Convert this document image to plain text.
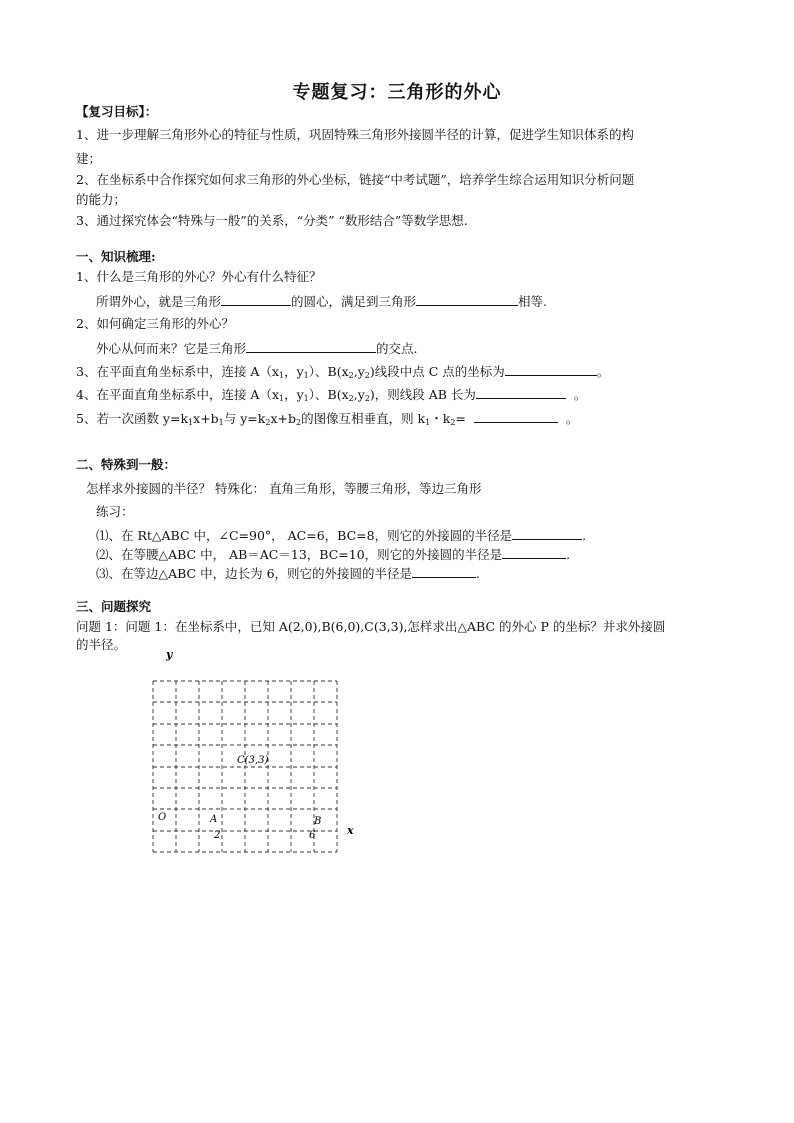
专题复习：三角形的外心
【复习目标】：
1、进一步理解三角形外心的特征与性质，巩固特殊三角形外接圆半径的计算，促进学生知识体系的构
建；
2、在坐标系中合作探究如何求三角形的外心坐标，链接“中考试题”，培养学生综合运用知识分析问题
的能力；
3、通过探究体会“特殊与一般”的关系，“分类” “数形结合”等数学思想.
一、知识梳理:
1、什么是三角形的外心？外心有什么特征？
所谓外心，就是三角形	的圆心，满足到三角形	相等.
2、如何确定三角形的外心？
外心从何而来？它是三角形	的交点.
3、在平面直角坐标系中，连接 $A(x_1$，$y_1$）、$B(x_2,y_2)$线段中点 C 点的坐标为	。
4、在平面直角坐标系中，连接 $A(x_1$，$y_1$）、$B(x_2,y_2)$，则线段 AB 长为	。
5、若一次函数 $y=k_1x+b_1$与 $y=k_2x+b_2$的图像互相垂直，则 $k_1$・$k_2=$	。
二、特殊到一般：
怎样求外接圆的半径？ 特殊化： 直角三角形，等腰三角形，等边三角形
练习：
⑴、在 Rt△ABC 中，∠C=90°， AC=6，BC=8，则它的外接圆的半径是	.
⑵、在等腰△ABC 中， AB＝AC＝13，BC=10，则它的外接圆的半径是	.
⑶、在等边△ABC 中，边长为 6，则它的外接圆的半径是	.
三、问题探究
问题 1：问题 1：在坐标系中，已知 A(2,0),B(6,0),C(3,3),怎样求出△ABC 的外心 P 的坐标？并求外接圆
的半径。
y
x
O	A	B
C(3,3)
2	6
